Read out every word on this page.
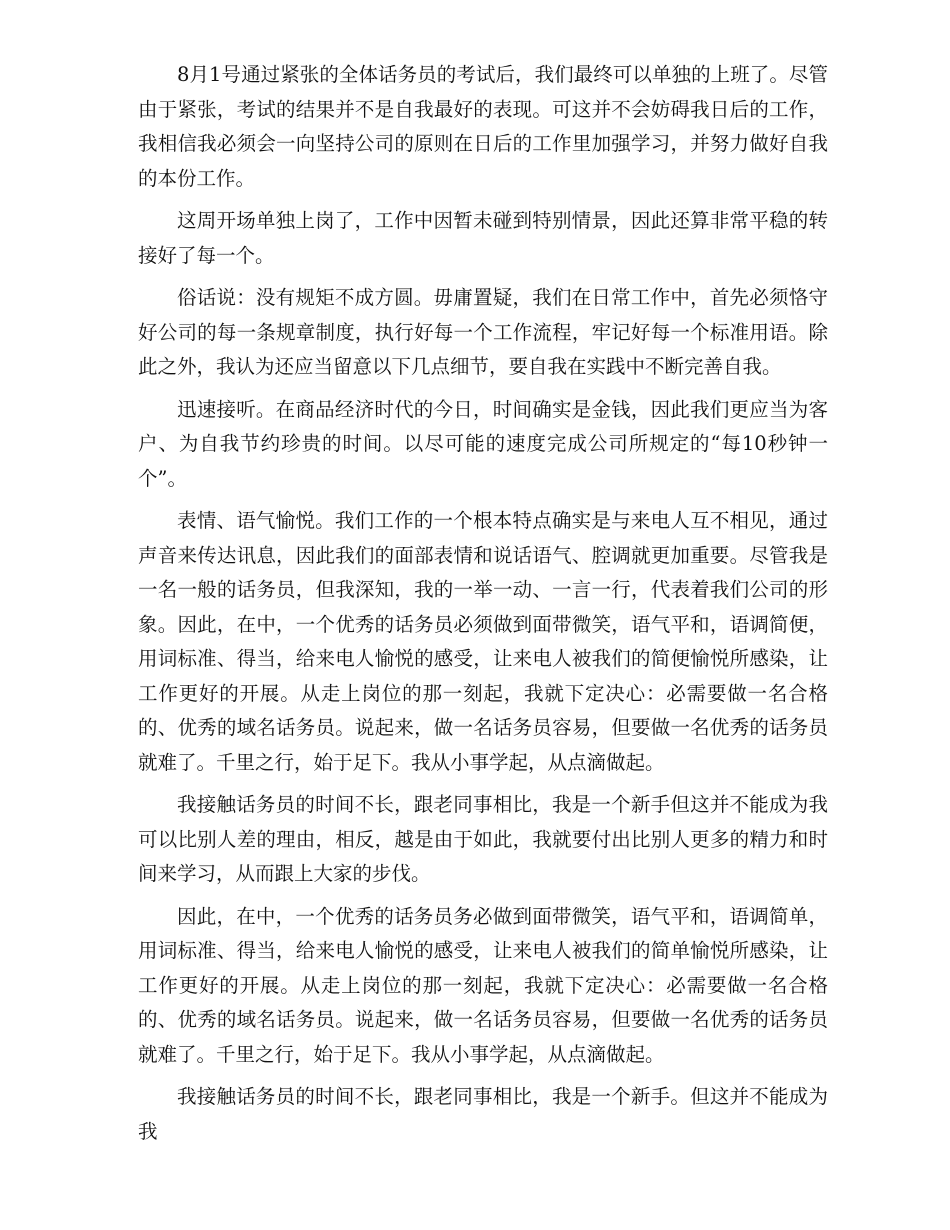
8月1号通过紧张的全体话务员的考试后，我们最终可以单独的上班了。尽管由于紧张，考试的结果并不是自我最好的表现。可这并不会妨碍我日后的工作，我相信我必须会一向坚持公司的原则在日后的工作里加强学习，并努力做好自我的本份工作。

这周开场单独上岗了，工作中因暂未碰到特别情景，因此还算非常平稳的转接好了每一个。

俗话说：没有规矩不成方圆。毋庸置疑，我们在日常工作中，首先必须恪守好公司的每一条规章制度，执行好每一个工作流程，牢记好每一个标准用语。除此之外，我认为还应当留意以下几点细节，要自我在实践中不断完善自我。

迅速接听。在商品经济时代的今日，时间确实是金钱，因此我们更应当为客户、为自我节约珍贵的时间。以尽可能的速度完成公司所规定的“每10秒钟一个”。

表情、语气愉悦。我们工作的一个根本特点确实是与来电人互不相见，通过声音来传达讯息，因此我们的面部表情和说话语气、腔调就更加重要。尽管我是一名一般的话务员，但我深知，我的一举一动、一言一行，代表着我们公司的形象。因此，在中，一个优秀的话务员必须做到面带微笑，语气平和，语调简便，用词标准、得当，给来电人愉悦的感受，让来电人被我们的简便愉悦所感染，让工作更好的开展。从走上岗位的那一刻起，我就下定决心：必需要做一名合格的、优秀的域名话务员。说起来，做一名话务员容易，但要做一名优秀的话务员就难了。千里之行，始于足下。我从小事学起，从点滴做起。

我接触话务员的时间不长，跟老同事相比，我是一个新手但这并不能成为我可以比别人差的理由，相反，越是由于如此，我就要付出比别人更多的精力和时间来学习，从而跟上大家的步伐。

因此，在中，一个优秀的话务员务必做到面带微笑，语气平和，语调简单，用词标准、得当，给来电人愉悦的感受，让来电人被我们的简单愉悦所感染，让工作更好的开展。从走上岗位的那一刻起，我就下定决心：必需要做一名合格的、优秀的域名话务员。说起来，做一名话务员容易，但要做一名优秀的话务员就难了。千里之行，始于足下。我从小事学起，从点滴做起。

我接触话务员的时间不长，跟老同事相比，我是一个新手。但这并不能成为我
